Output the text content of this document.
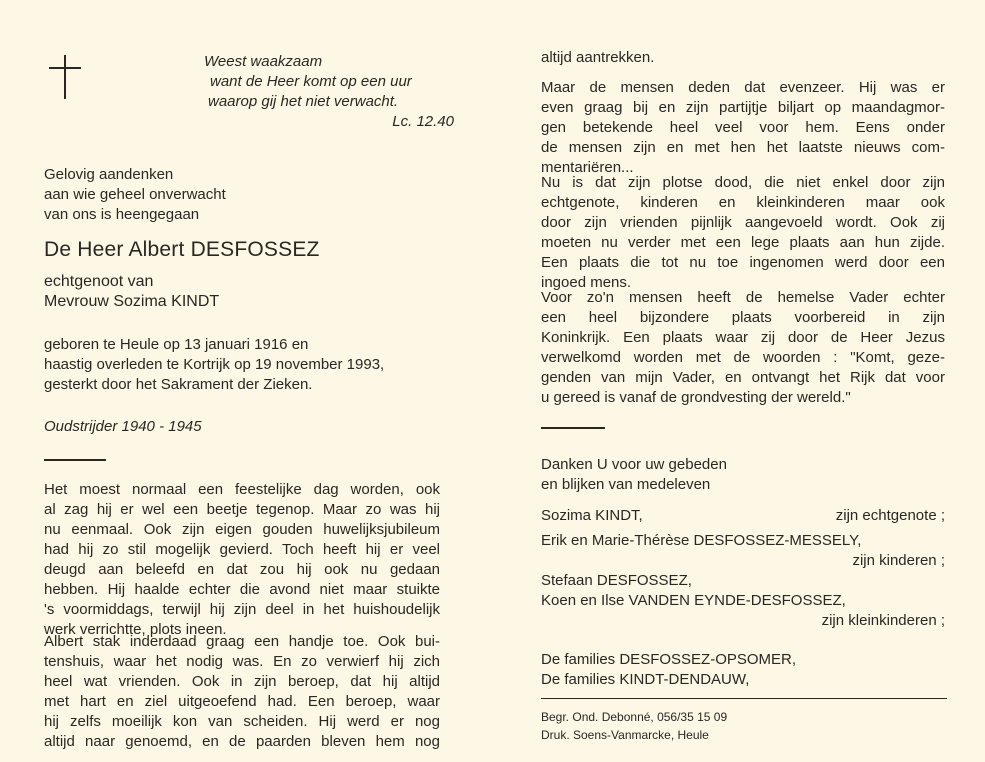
Weest waakzaam
want de Heer komt op een uur
waarop gij het niet verwacht.
Lc. 12.40
Gelovig aandenken
aan wie geheel onverwacht
van ons is heengegaan
De Heer Albert DESFOSSEZ
echtgenoot van
Mevrouw Sozima KINDT
geboren te Heule op 13 januari 1916 en
haastig overleden te Kortrijk op 19 november 1993,
gesterkt door het Sakrament der Zieken.
Oudstrijder 1940 - 1945
Het moest normaal een feestelijke dag worden, ook
al zag hij er wel een beetje tegenop. Maar zo was hij
nu eenmaal. Ook zijn eigen gouden huwelijksjubileum
had hij zo stil mogelijk gevierd. Toch heeft hij er veel
deugd aan beleefd en dat zou hij ook nu gedaan
hebben. Hij haalde echter die avond niet maar stuikte
's voormiddags, terwijl hij zijn deel in het huishoudelijk
werk verrichtte, plots ineen.
Albert stak inderdaad graag een handje toe. Ook bui-
tenshuis, waar het nodig was. En zo verwierf hij zich
heel wat vrienden. Ook in zijn beroep, dat hij altijd
met hart en ziel uitgeoefend had. Een beroep, waar
hij zelfs moeilijk kon van scheiden. Hij werd er nog
altijd naar genoemd, en de paarden bleven hem nog
altijd aantrekken.
Maar de mensen deden dat evenzeer. Hij was er
even graag bij en zijn partijtje biljart op maandagmor-
gen betekende heel veel voor hem. Eens onder
de mensen zijn en met hen het laatste nieuws com-
mentariëren...
Nu is dat zijn plotse dood, die niet enkel door zijn
echtgenote, kinderen en kleinkinderen maar ook
door zijn vrienden pijnlijk aangevoeld wordt. Ook zij
moeten nu verder met een lege plaats aan hun zijde.
Een plaats die tot nu toe ingenomen werd door een
ingoed mens.
Voor zo'n mensen heeft de hemelse Vader echter
een heel bijzondere plaats voorbereid in zijn
Koninkrijk. Een plaats waar zij door de Heer Jezus
verwelkomd worden met de woorden : "Komt, geze-
genden van mijn Vader, en ontvangt het Rijk dat voor
u gereed is vanaf de grondvesting der wereld."
Danken U voor uw gebeden
en blijken van medeleven
Sozima KINDT,	zijn echtgenote ;
Erik en Marie-Thérèse DESFOSSEZ-MESSELY,
zijn kinderen ;
Stefaan DESFOSSEZ,
Koen en Ilse VANDEN EYNDE-DESFOSSEZ,
zijn kleinkinderen ;
De families DESFOSSEZ-OPSOMER,
De families KINDT-DENDAUW,
Begr. Ond. Debonné, 056/35 15 09
Druk. Soens-Vanmarcke, Heule
